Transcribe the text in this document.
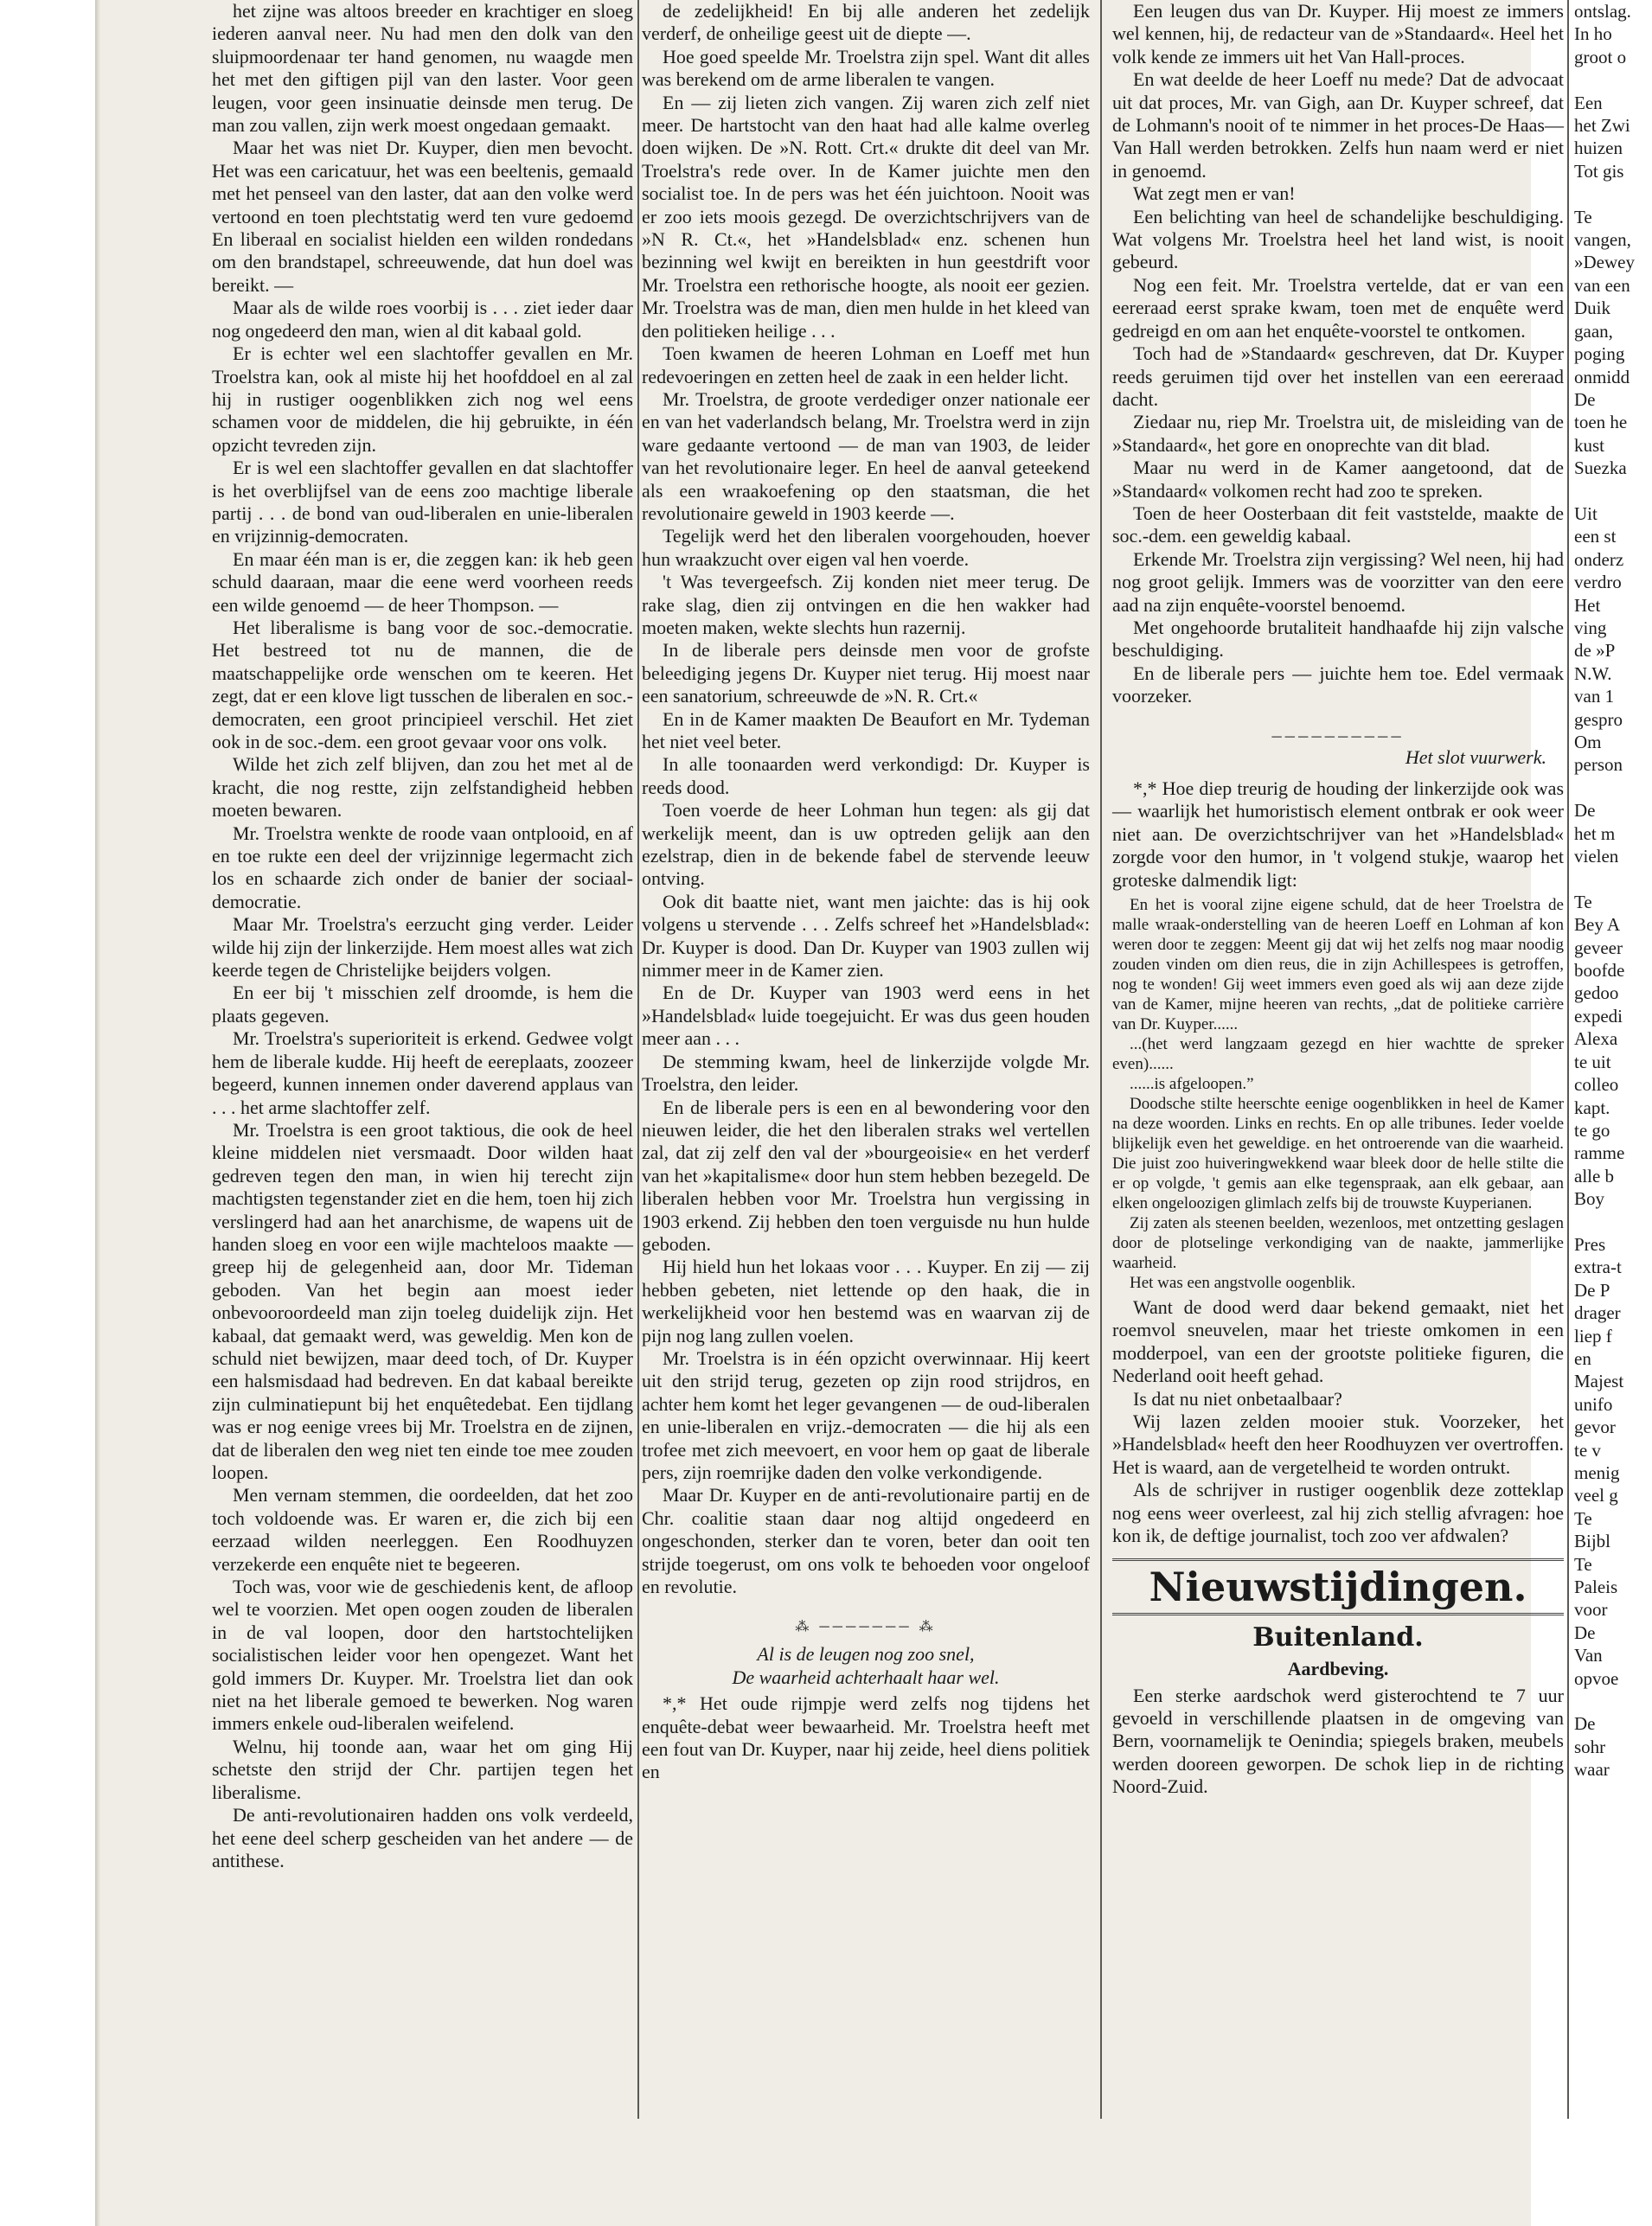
het zijne was altoos breeder en krachtiger en sloeg iederen aanval neer. Nu had men den dolk van den sluipmoordenaar ter hand genomen, nu waagde men het met den giftigen pijl van den laster. Voor geen leugen, voor geen insinuatie deinsde men terug. De man zou vallen, zijn werk moest ongedaan gemaakt.

Maar het was niet Dr. Kuyper, dien men bevocht. Het was een caricatuur, het was een beeltenis, gemaald met het penseel van den laster, dat aan den volke werd vertoond en toen plechtstatig werd ten vure gedoemd En liberaal en socialist hielden een wilden rondedans om den brandstapel, schreeuwende, dat hun doel was bereikt. —

Maar als de wilde roes voorbij is . . . ziet ieder daar nog ongedeerd den man, wien al dit kabaal gold.

Er is echter wel een slachtoffer gevallen en Mr. Troelstra kan, ook al miste hij het hoofddoel en al zal hij in rustiger oogenblikken zich nog wel eens schamen voor de middelen, die hij gebruikte, in één opzicht tevreden zijn.

Er is wel een slachtoffer gevallen en dat slachtoffer is het overblijfsel van de eens zoo machtige liberale partij . . . de bond van oud-liberalen en unie-liberalen en vrijzinnig-democraten.

En maar één man is er, die zeggen kan: ik heb geen schuld daaraan, maar die eene werd voorheen reeds een wilde genoemd — de heer Thompson. —

Het liberalisme is bang voor de soc.-democratie. Het bestreed tot nu de mannen, die de maatschappelijke orde wenschen om te keeren. Het zegt, dat er een klove ligt tusschen de liberalen en soc.-democraten, een groot principieel verschil. Het ziet ook in de soc.-dem. een groot gevaar voor ons volk.

Wilde het zich zelf blijven, dan zou het met al de kracht, die nog restte, zijn zelfstandigheid hebben moeten bewaren.

Mr. Troelstra wenkte de roode vaan ontplooid, en af en toe rukte een deel der vrijzinnige legermacht zich los en schaarde zich onder de banier der sociaal-democratie.

Maar Mr. Troelstra's eerzucht ging verder. Leider wilde hij zijn der linkerzijde. Hem moest alles wat zich keerde tegen de Christelijke beijders volgen.

En eer bij 't misschien zelf droomde, is hem die plaats gegeven.

Mr. Troelstra's superioriteit is erkend. Gedwee volgt hem de liberale kudde. Hij heeft de eereplaats, zoozeer begeerd, kunnen innemen onder daverend applaus van . . . het arme slachtoffer zelf.

Mr. Troelstra is een groot taktious, die ook de heel kleine middelen niet versmaadt. Door wilden haat gedreven tegen den man, in wien hij terecht zijn machtigsten tegenstander ziet en die hem, toen hij zich verslingerd had aan het anarchisme, de wapens uit de handen sloeg en voor een wijle machteloos maakte — greep hij de gelegenheid aan, door Mr. Tideman geboden. Van het begin aan moest ieder onbevooroordeeld man zijn toeleg duidelijk zijn. Het kabaal, dat gemaakt werd, was geweldig. Men kon de schuld niet bewijzen, maar deed toch, of Dr. Kuyper een halsmisdaad had bedreven. En dat kabaal bereikte zijn culminatiepunt bij het enquêtedebat. Een tijdlang was er nog eenige vrees bij Mr. Troelstra en de zijnen, dat de liberalen den weg niet ten einde toe mee zouden loopen.

Men vernam stemmen, die oordeelden, dat het zoo toch voldoende was. Er waren er, die zich bij een eerzaad wilden neerleggen. Een Roodhuyzen verzekerde een enquête niet te begeeren.

Toch was, voor wie de geschiedenis kent, de afloop wel te voorzien. Met open oogen zouden de liberalen in de val loopen, door den hartstochtelijken socialistischen leider voor hen opengezet. Want het gold immers Dr. Kuyper. Mr. Troelstra liet dan ook niet na het liberale gemoed te bewerken. Nog waren immers enkele oud-liberalen weifelend.

Welnu, hij toonde aan, waar het om ging Hij schetste den strijd der Chr. partijen tegen het liberalisme.

De anti-revolutionairen hadden ons volk verdeeld, het eene deel scherp gescheiden van het andere — de antithese.

de zedelijkheid! En bij alle anderen het zedelijk verderf, de onheilige geest uit de diepte —.

Hoe goed speelde Mr. Troelstra zijn spel. Want dit alles was berekend om de arme liberalen te vangen.

En — zij lieten zich vangen. Zij waren zich zelf niet meer. De hartstocht van den haat had alle kalme overleg doen wijken. De »N. Rott. Crt.« drukte dit deel van Mr. Troelstra's rede over. In de Kamer juichte men den socialist toe. In de pers was het één juichtoon. Nooit was er zoo iets moois gezegd. De overzichtschrijvers van de »N R. Ct.«, het »Handelsblad« enz. schenen hun bezinning wel kwijt en bereikten in hun geestdrift voor Mr. Troelstra een rethorische hoogte, als nooit eer gezien. Mr. Troelstra was de man, dien men hulde in het kleed van den politieken heilige . . .

Toen kwamen de heeren Lohman en Loeff met hun redevoeringen en zetten heel de zaak in een helder licht.

Mr. Troelstra, de groote verdediger onzer nationale eer en van het vaderlandsch belang, Mr. Troelstra werd in zijn ware gedaante vertoond — de man van 1903, de leider van het revolutionaire leger. En heel de aanval geteekend als een wraakoefening op den staatsman, die het revolutionaire geweld in 1903 keerde —.

Tegelijk werd het den liberalen voorgehouden, hoever hun wraakzucht over eigen val hen voerde.

't Was tevergeefsch. Zij konden niet meer terug. De rake slag, dien zij ontvingen en die hen wakker had moeten maken, wekte slechts hun razernij.

In de liberale pers deinsde men voor de grofste beleediging jegens Dr. Kuyper niet terug. Hij moest naar een sanatorium, schreeuwde de »N. R. Crt.«

En in de Kamer maakten De Beaufort en Mr. Tydeman het niet veel beter.

In alle toonaarden werd verkondigd: Dr. Kuyper is reeds dood.

Toen voerde de heer Lohman hun tegen: als gij dat werkelijk meent, dan is uw optreden gelijk aan den ezelstrap, dien in de bekende fabel de stervende leeuw ontving.

Ook dit baatte niet, want men jaichte: das is hij ook volgens u stervende . . . Zelfs schreef het »Handelsblad«: Dr. Kuyper is dood. Dan Dr. Kuyper van 1903 zullen wij nimmer meer in de Kamer zien.

En de Dr. Kuyper van 1903 werd eens in het »Handelsblad« luide toegejuicht. Er was dus geen houden meer aan . . .

De stemming kwam, heel de linkerzijde volgde Mr. Troelstra, den leider.

En de liberale pers is een en al bewondering voor den nieuwen leider, die het den liberalen straks wel vertellen zal, dat zij zelf den val der »bourgeoisie« en het verderf van het »kapitalisme« door hun stem hebben bezegeld. De liberalen hebben voor Mr. Troelstra hun vergissing in 1903 erkend. Zij hebben den toen verguisde nu hun hulde geboden.

Hij hield hun het lokaas voor . . . Kuyper. En zij — zij hebben gebeten, niet lettende op den haak, die in werkelijkheid voor hen bestemd was en waarvan zij de pijn nog lang zullen voelen.

Mr. Troelstra is in één opzicht overwinnaar. Hij keert uit den strijd terug, gezeten op zijn rood strijdros, en achter hem komt het leger gevangenen — de oud-liberalen en unie-liberalen en vrijz.-democraten — die hij als een trofee met zich meevoert, en voor hem op gaat de liberale pers, zijn roemrijke daden den volke verkondigende.

Maar Dr. Kuyper en de anti-revolutionaire partij en de Chr. coalitie staan daar nog altijd ongedeerd en ongeschonden, sterker dan te voren, beter dan ooit ten strijde toegerust, om ons volk te behoeden voor ongeloof en revolutie.

⁂ ─────── ⁂
Al is de leugen nog zoo snel,
De waarheid achterhaalt haar wel.

*,* Het oude rijmpje werd zelfs nog tijdens het enquête-debat weer bewaarheid. Mr. Troelstra heeft met een fout van Dr. Kuyper, naar hij zeide, heel diens politiek en

Een leugen dus van Dr. Kuyper. Hij moest ze immers wel kennen, hij, de redacteur van de »Standaard«. Heel het volk kende ze immers uit het Van Hall-proces.

En wat deelde de heer Loeff nu mede? Dat de advocaat uit dat proces, Mr. van Gigh, aan Dr. Kuyper schreef, dat de Lohmann's nooit of te nimmer in het proces-De Haas—Van Hall werden betrokken. Zelfs hun naam werd er niet in genoemd.

Wat zegt men er van!

Een belichting van heel de schandelijke beschuldiging. Wat volgens Mr. Troelstra heel het land wist, is nooit gebeurd.

Nog een feit. Mr. Troelstra vertelde, dat er van een eereraad eerst sprake kwam, toen met de enquête werd gedreigd en om aan het enquête-voorstel te ontkomen.

Toch had de »Standaard« geschreven, dat Dr. Kuyper reeds geruimen tijd over het instellen van een eereraad dacht.

Ziedaar nu, riep Mr. Troelstra uit, de misleiding van de »Standaard«, het gore en onoprechte van dit blad.

Maar nu werd in de Kamer aangetoond, dat de »Standaard« volkomen recht had zoo te spreken.

Toen de heer Oosterbaan dit feit vaststelde, maakte de soc.-dem. een geweldig kabaal.

Erkende Mr. Troelstra zijn vergissing? Wel neen, hij had nog groot gelijk. Immers was de voorzitter van den eere aad na zijn enquête-voorstel benoemd.

Met ongehoorde brutaliteit handhaafde hij zijn valsche beschuldiging.

En de liberale pers — juichte hem toe. Edel vermaak voorzeker.

──────────
Het slot vuurwerk.

*,* Hoe diep treurig de houding der linkerzijde ook was — waarlijk het humoristisch element ontbrak er ook weer niet aan. De overzichtschrijver van het »Handelsblad« zorgde voor den humor, in 't volgend stukje, waarop het groteske dalmendik ligt:

En het is vooral zijne eigene schuld, dat de heer Troelstra de malle wraak-onderstelling van de heeren Loeff en Lohman af kon weren door te zeggen: Meent gij dat wij het zelfs nog maar noodig zouden vinden om dien reus, die in zijn Achillespees is getroffen, nog te wonden! Gij weet immers even goed als wij aan deze zijde van de Kamer, mijne heeren van rechts, „dat de politieke carrière van Dr. Kuyper......

...(het werd langzaam gezegd en hier wachtte de spreker even)......

......is afgeloopen.”

Doodsche stilte heerschte eenige oogenblikken in heel de Kamer na deze woorden. Links en rechts. En op alle tribunes. Ieder voelde blijkelijk even het geweldige. en het ontroerende van die waarheid. Die juist zoo huiveringwekkend waar bleek door de helle stilte die er op volgde, 't gemis aan elke tegenspraak, aan elk gebaar, aan elken ongeloozigen glimlach zelfs bij de trouwste Kuyperianen.

Zij zaten als steenen beelden, wezenloos, met ontzetting geslagen door de plotselinge verkondiging van de naakte, jammerlijke waarheid.

Het was een angstvolle oogenblik.

Want de dood werd daar bekend gemaakt, niet het roemvol sneuvelen, maar het trieste omkomen in een modderpoel, van een der grootste politieke figuren, die Nederland ooit heeft gehad.

Is dat nu niet onbetaalbaar?

Wij lazen zelden mooier stuk. Voorzeker, het »Handelsblad« heeft den heer Roodhuyzen ver overtroffen. Het is waard, aan de vergetelheid te worden ontrukt.

Als de schrijver in rustiger oogenblik deze zotteklap nog eens weer overleest, zal hij zich stellig afvragen: hoe kon ik, de deftige journalist, toch zoo ver afdwalen?

Nieuwstijdingen.
Buitenland.
Aardbeving.

Een sterke aardschok werd gisterochtend te 7 uur gevoeld in verschillende plaatsen in de omgeving van Bern, voornamelijk te Oenindia; spiegels braken, meubels werden dooreen geworpen. De schok liep in de richting Noord-Zuid.

ontslag.
In ho
groot o

Een
het Zwi
huizen
Tot gis

Te
vangen,
»Dewey
van een
Duik
gaan,
poging
onmidd
De
toen he
kust
Suezka

Uit
een st
onderz
verdro
Het
ving
de »P
N.W.
van 1
gespro
Om
person

De
het m
vielen

Te
Bey A
geveer
boofde
gedoo
expedi
Alexa
te uit
colleo
kapt.
te go
ramme
alle b
Boy

Pres
extra-t
De P
drager
liep f
en
Majest
unifo
gevor
te v
menig
veel g
Te
Bijbl
Te
Paleis
voor
De
Van
opvoe

De
sohr
waar
